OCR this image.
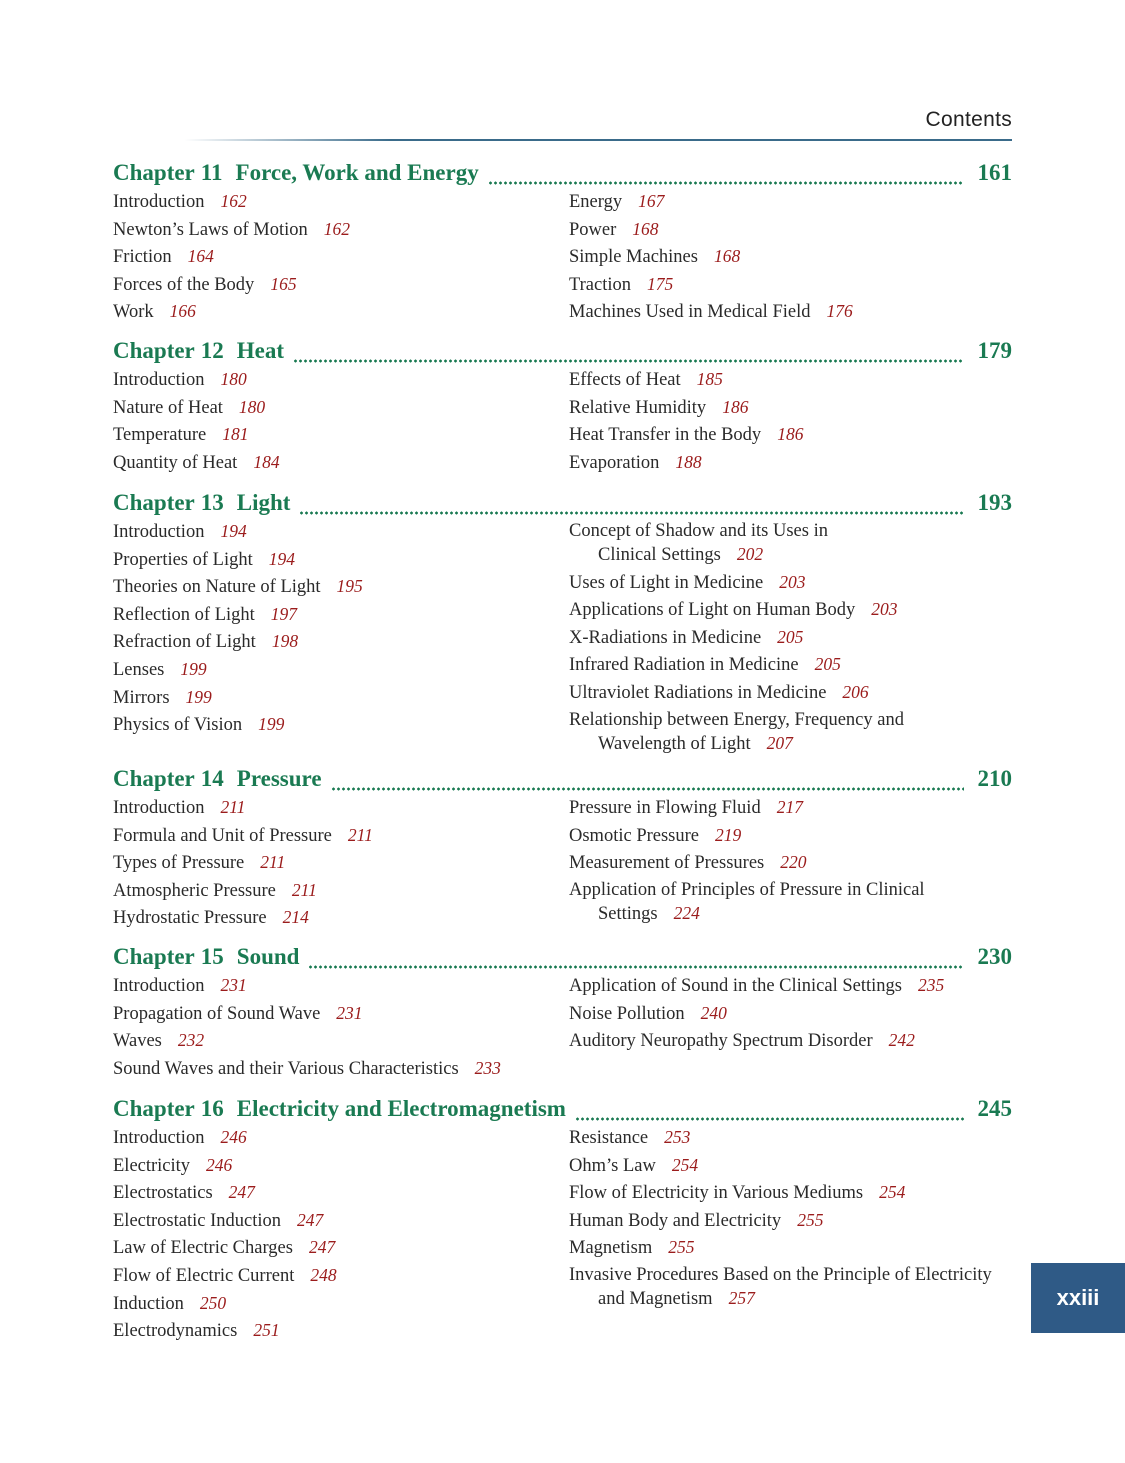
Contents
Chapter 11 Force, Work and Energy	161
Introduction 162
Newton’s Laws of Motion 162
Friction 164
Forces of the Body 165
Work 166
Energy 167
Power 168
Simple Machines 168
Traction 175
Machines Used in Medical Field 176
Chapter 12 Heat	179
Introduction 180
Nature of Heat 180
Temperature 181
Quantity of Heat 184
Effects of Heat 185
Relative Humidity 186
Heat Transfer in the Body 186
Evaporation 188
Chapter 13 Light	193
Introduction 194
Properties of Light 194
Theories on Nature of Light 195
Reflection of Light 197
Refraction of Light 198
Lenses 199
Mirrors 199
Physics of Vision 199
Concept of Shadow and its Uses in
Clinical Settings 202
Uses of Light in Medicine 203
Applications of Light on Human Body 203
X-Radiations in Medicine 205
Infrared Radiation in Medicine 205
Ultraviolet Radiations in Medicine 206
Relationship between Energy, Frequency and
Wavelength of Light 207
Chapter 14 Pressure	210
Introduction 211
Formula and Unit of Pressure 211
Types of Pressure 211
Atmospheric Pressure 211
Hydrostatic Pressure 214
Pressure in Flowing Fluid 217
Osmotic Pressure 219
Measurement of Pressures 220
Application of Principles of Pressure in Clinical
Settings 224
Chapter 15 Sound	230
Introduction 231
Propagation of Sound Wave 231
Waves 232
Sound Waves and their Various Characteristics 233
Application of Sound in the Clinical Settings 235
Noise Pollution 240
Auditory Neuropathy Spectrum Disorder 242
Chapter 16 Electricity and Electromagnetism	245
Introduction 246
Electricity 246
Electrostatics 247
Electrostatic Induction 247
Law of Electric Charges 247
Flow of Electric Current 248
Induction 250
Electrodynamics 251
Resistance 253
Ohm’s Law 254
Flow of Electricity in Various Mediums 254
Human Body and Electricity 255
Magnetism 255
Invasive Procedures Based on the Principle of Electricity
and Magnetism 257	xxiii
